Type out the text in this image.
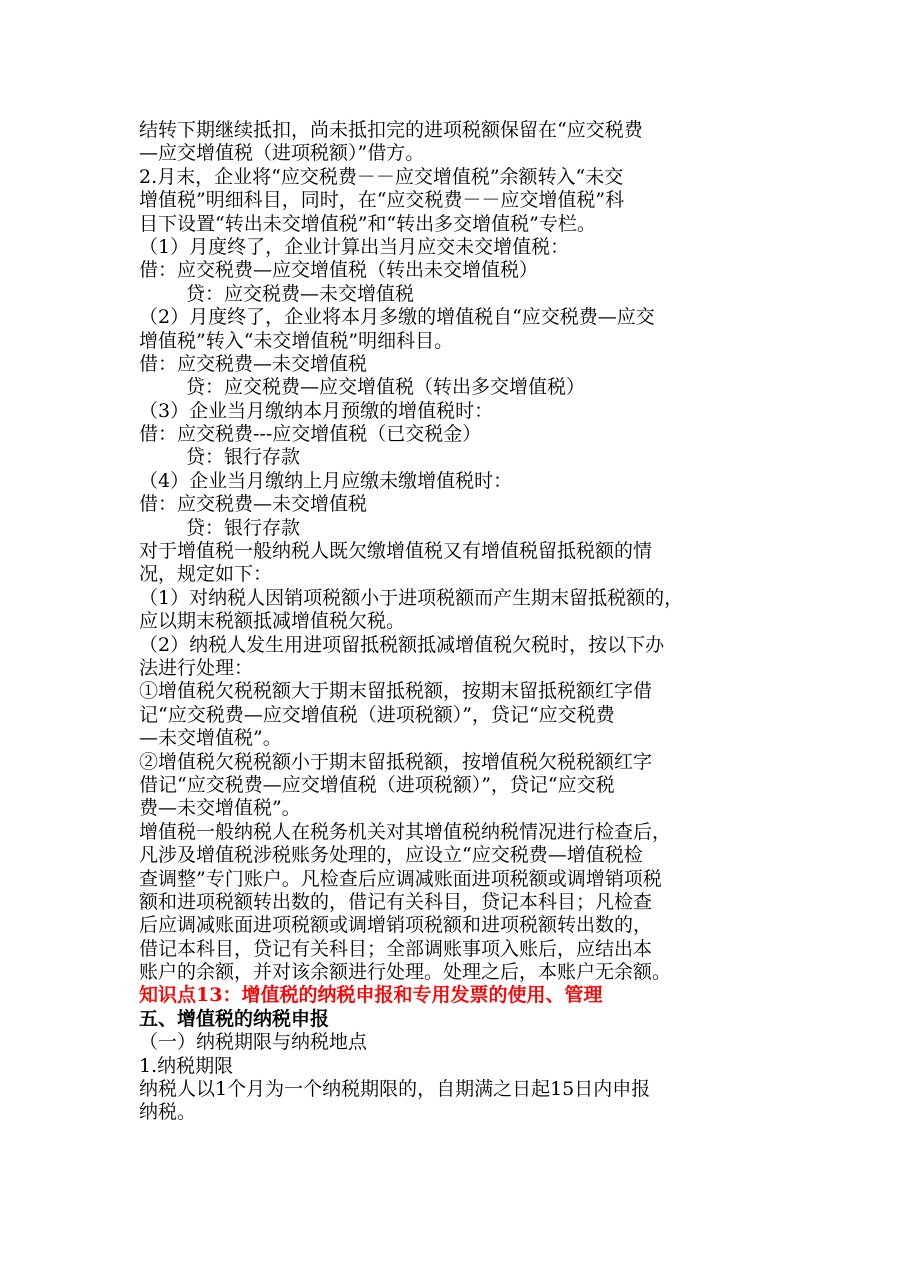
结转下期继续抵扣，尚未抵扣完的进项税额保留在“应交税费
—应交增值税（进项税额）”借方。
2.月末，企业将“应交税费－－应交增值税”余额转入“未交
增值税”明细科目，同时，在“应交税费－－应交增值税”科
目下设置“转出未交增值税”和“转出多交增值税”专栏。
（1）月度终了，企业计算出当月应交未交增值税：
借：应交税费—应交增值税（转出未交增值税）
贷：应交税费—未交增值税
（2）月度终了，企业将本月多缴的增值税自“应交税费—应交
增值税”转入“未交增值税”明细科目。
借：应交税费—未交增值税
贷：应交税费—应交增值税（转出多交增值税）
（3）企业当月缴纳本月预缴的增值税时：
借：应交税费---应交增值税（已交税金）
贷：银行存款
（4）企业当月缴纳上月应缴未缴增值税时：
借：应交税费—未交增值税
贷：银行存款
对于增值税一般纳税人既欠缴增值税又有增值税留抵税额的情
况，规定如下：
（1）对纳税人因销项税额小于进项税额而产生期末留抵税额的，
应以期末税额抵减增值税欠税。
（2）纳税人发生用进项留抵税额抵减增值税欠税时，按以下办
法进行处理：
①增值税欠税税额大于期末留抵税额，按期末留抵税额红字借
记“应交税费—应交增值税（进项税额）”，贷记“应交税费
—未交增值税”。
②增值税欠税税额小于期末留抵税额，按增值税欠税税额红字
借记“应交税费—应交增值税（进项税额）”，贷记“应交税
费—未交增值税”。
增值税一般纳税人在税务机关对其增值税纳税情况进行检查后，
凡涉及增值税涉税账务处理的，应设立“应交税费—增值税检
查调整”专门账户。凡检查后应调减账面进项税额或调增销项税
额和进项税额转出数的，借记有关科目，贷记本科目；凡检查
后应调减账面进项税额或调增销项税额和进项税额转出数的，
借记本科目，贷记有关科目；全部调账事项入账后，应结出本
账户的余额，并对该余额进行处理。处理之后，本账户无余额。
知识点13：增值税的纳税申报和专用发票的使用、管理
五、增值税的纳税申报
（一）纳税期限与纳税地点
1.纳税期限
纳税人以1个月为一个纳税期限的，自期满之日起15日内申报
纳税。
